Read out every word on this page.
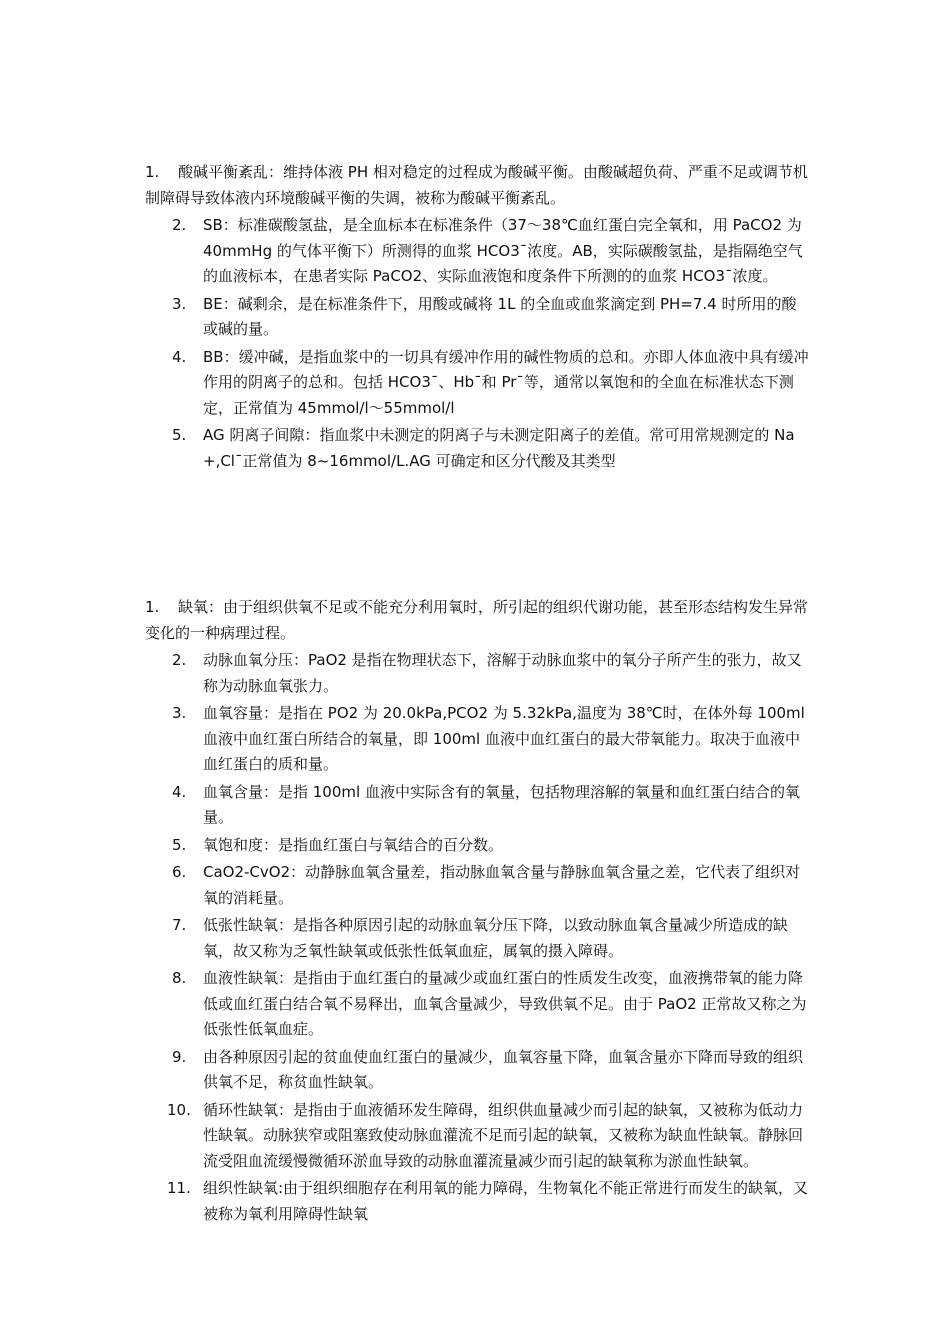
1. 酸碱平衡紊乱：维持体液 PH 相对稳定的过程成为酸碱平衡。由酸碱超负荷、严重不足或调节机制障碍导致体液内环境酸碱平衡的失调，被称为酸碱平衡紊乱。

2.	SB：标准碳酸氢盐，是全血标本在标准条件（37～38℃血红蛋白完全氧和，用 PaCO2 为 40mmHg 的气体平衡下）所测得的血浆 HCO3ˉ浓度。AB，实际碳酸氢盐，是指隔绝空气的血液标本，在患者实际 PaCO2、实际血液饱和度条件下所测的的血浆 HCO3ˉ浓度。

3.	BE：碱剩余，是在标准条件下，用酸或碱将 1L 的全血或血浆滴定到 PH=7.4 时所用的酸或碱的量。

4.	BB：缓冲碱，是指血浆中的一切具有缓冲作用的碱性物质的总和。亦即人体血液中具有缓冲作用的阴离子的总和。包括 HCO3ˉ、Hbˉ和 Prˉ等，通常以氧饱和的全血在标准状态下测定，正常值为 45mmol/l～55mmol/l

5.	AG 阴离子间隙：指血浆中未测定的阴离子与未测定阳离子的差值。常可用常规测定的 Na+,Clˉ正常值为 8~16mmol/L.AG 可确定和区分代酸及其类型

1. 缺氧：由于组织供氧不足或不能充分利用氧时，所引起的组织代谢功能，甚至形态结构发生异常变化的一种病理过程。

2.	动脉血氧分压：PaO2 是指在物理状态下，溶解于动脉血浆中的氧分子所产生的张力，故又称为动脉血氧张力。

3.	血氧容量：是指在 PO2 为 20.0kPa,PCO2 为 5.32kPa,温度为 38℃时，在体外每 100ml 血液中血红蛋白所结合的氧量，即 100ml 血液中血红蛋白的最大带氧能力。取决于血液中血红蛋白的质和量。

4.	血氧含量：是指 100ml 血液中实际含有的氧量，包括物理溶解的氧量和血红蛋白结合的氧量。

5.	氧饱和度：是指血红蛋白与氧结合的百分数。

6.	CaO2-CvO2：动静脉血氧含量差，指动脉血氧含量与静脉血氧含量之差，它代表了组织对氧的消耗量。

7.	低张性缺氧：是指各种原因引起的动脉血氧分压下降，以致动脉血氧含量减少所造成的缺氧，故又称为乏氧性缺氧或低张性低氧血症，属氧的摄入障碍。

8.	血液性缺氧：是指由于血红蛋白的量减少或血红蛋白的性质发生改变，血液携带氧的能力降低或血红蛋白结合氧不易释出，血氧含量减少，导致供氧不足。由于 PaO2 正常故又称之为低张性低氧血症。

9.	由各种原因引起的贫血使血红蛋白的量减少，血氧容量下降，血氧含量亦下降而导致的组织供氧不足，称贫血性缺氧。

10. 循环性缺氧：是指由于血液循环发生障碍，组织供血量减少而引起的缺氧，又被称为低动力性缺氧。动脉狭窄或阻塞致使动脉血灌流不足而引起的缺氧，又被称为缺血性缺氧。静脉回流受阻血流缓慢微循环淤血导致的动脉血灌流量减少而引起的缺氧称为淤血性缺氧。

11. 组织性缺氧:由于组织细胞存在利用氧的能力障碍，生物氧化不能正常进行而发生的缺氧，又被称为氧利用障碍性缺氧
